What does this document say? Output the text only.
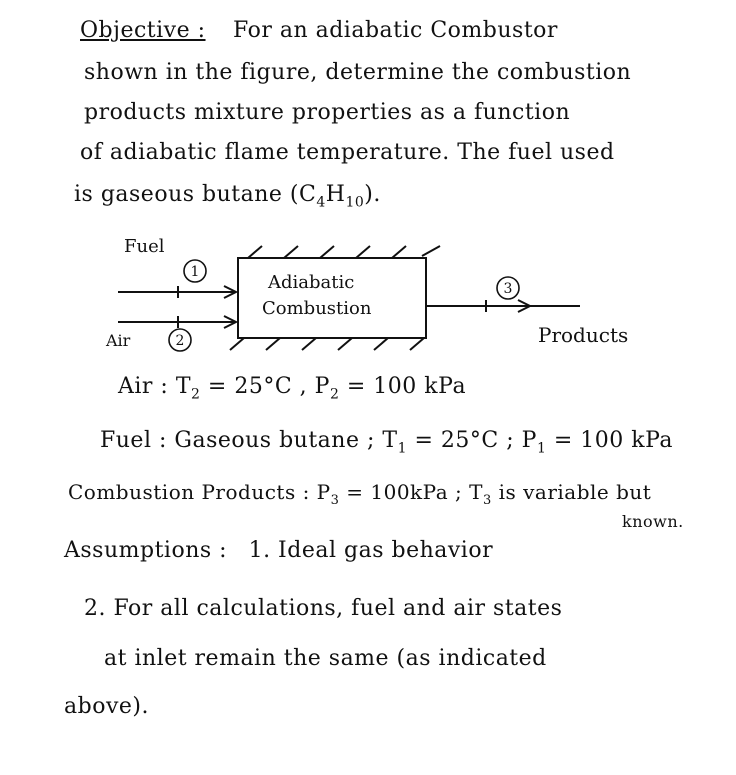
Objective : For an adiabatic Combustor
shown in the figure, determine the combustion
products mixture properties as a function
of adiabatic flame temperature. The fuel used
is gaseous butane $(C_4H_{10})$.
1
2
3
Fuel
Air
Adiabatic
Combustion
Products
Air : $T_2 = 25^\circ C$ , $P_2 = 100$ kPa
Fuel : Gaseous butane ; $T_1 = 25^\circ C$ ; $P_1 = 100$ kPa
Combustion Products : $P_3 = 100kPa$ ; $T_3$ is variable but
known.
Assumptions : 1. Ideal gas behavior
2. For all calculations, fuel and air states
at inlet remain the same (as indicated
above).
